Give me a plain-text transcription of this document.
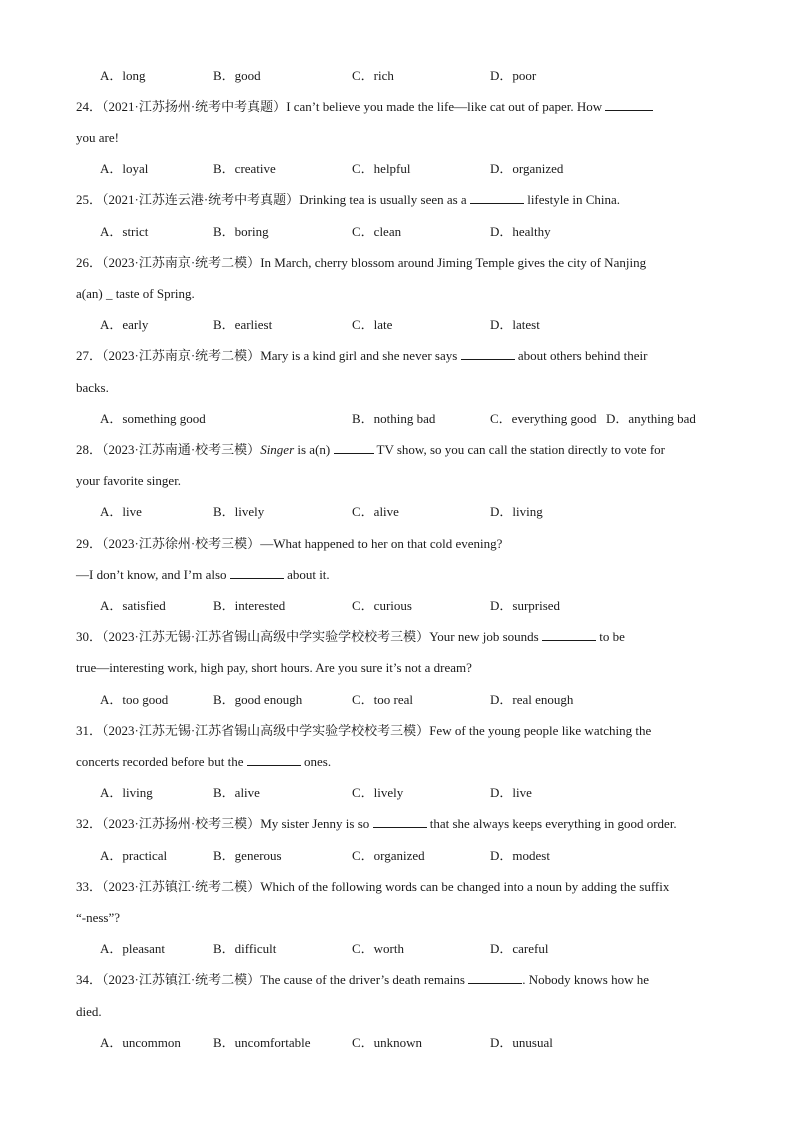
A．long	B．good	C．rich	D．poor
24．（2021·江苏扬州·统考中考真题）I can’t believe you made the life—like cat out of paper. How
you are!
A．loyal	B．creative	C．helpful	D．organized
25．（2021·江苏连云港·统考中考真题）Drinking tea is usually seen as a	lifestyle in China.
A．strict	B．boring	C．clean	D．healthy
26．（2023·江苏南京·统考二模）In March, cherry blossom around Jiming Temple gives the city of Nanjing
a(an) _ taste of Spring.
A．early	B．earliest	C．late	D．latest
27．（2023·江苏南京·统考二模）Mary is a kind girl and she never says	about others behind their
backs.
A．something good	B．nothing bad	C．everything good D．anything bad
28．（2023·江苏南通·校考三模）Singer is a(n)	TV show, so you can call the station directly to vote for
your favorite singer.
A．live	B．lively	C．alive	D．living
29．（2023·江苏徐州·校考三模）—What happened to her on that cold evening?
—I don’t know, and I’m also	about it.
A．satisfied	B．interested	C．curious	D．surprised
30．（2023·江苏无锡·江苏省锡山高级中学实验学校校考三模）Your new job sounds	to be
true—interesting work, high pay, short hours. Are you sure it’s not a dream?
A．too good	B．good enough	C．too real	D．real enough
31．（2023·江苏无锡·江苏省锡山高级中学实验学校校考三模）Few of the young people like watching the
concerts recorded before but the	ones.
A．living	B．alive	C．lively	D．live
32．（2023·江苏扬州·校考三模）My sister Jenny is so	that she always keeps everything in good order.
A．practical	B．generous	C．organized	D．modest
33．（2023·江苏镇江·统考二模）Which of the following words can be changed into a noun by adding the suffix
“-ness”?
A．pleasant	B．difficult	C．worth	D．careful
34．（2023·江苏镇江·统考二模）The cause of the driver’s death remains	. Nobody knows how he
died.
A．uncommon B．uncomfortable	C．unknown	D．unusual
